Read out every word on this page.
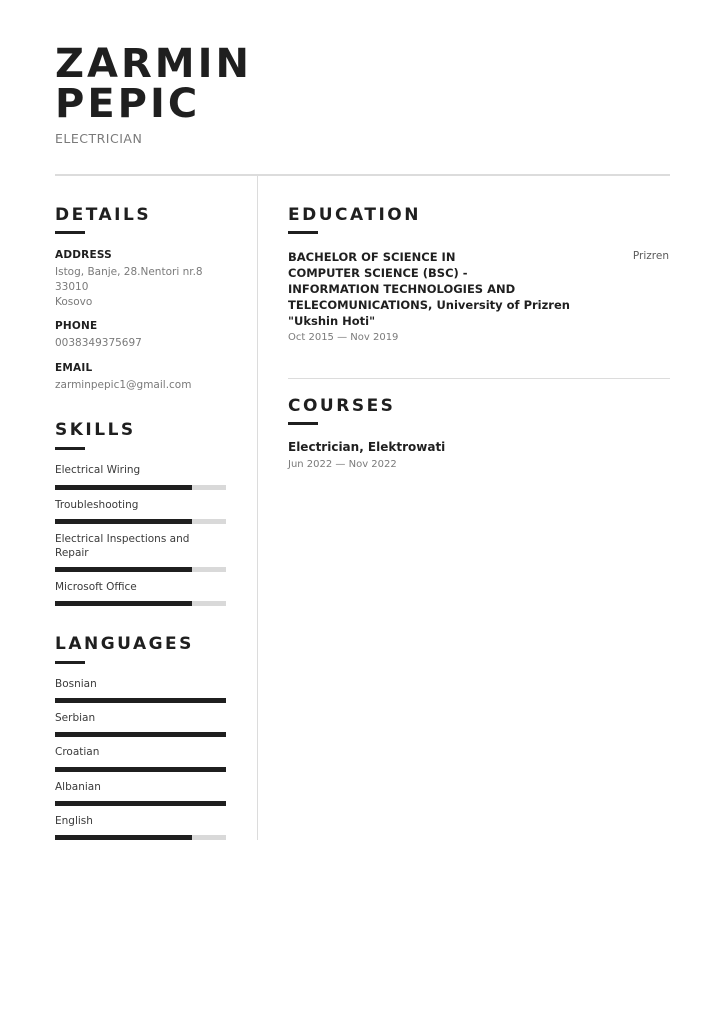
ZARMIN
PEPIC
ELECTRICIAN
DETAILS
ADDRESS
Istog, Banje, 28.Nentori nr.8
33010
Kosovo
PHONE
0038349375697
EMAIL
zarminpepic1@gmail.com
SKILLS
Electrical Wiring
Troubleshooting
Electrical Inspections and Repair
Microsoft Office
LANGUAGES
Bosnian
Serbian
Croatian
Albanian
English
EDUCATION

BACHELOR OF SCIENCE IN
COMPUTER SCIENCE (BSC) -
INFORMATION TECHNOLOGIES AND
TELECOMUNICATIONS, University of Prizren "Ukshin Hoti"

Prizren
Oct 2015 — Nov 2019
COURSES
Electrician, Elektrowati
Jun 2022 — Nov 2022
